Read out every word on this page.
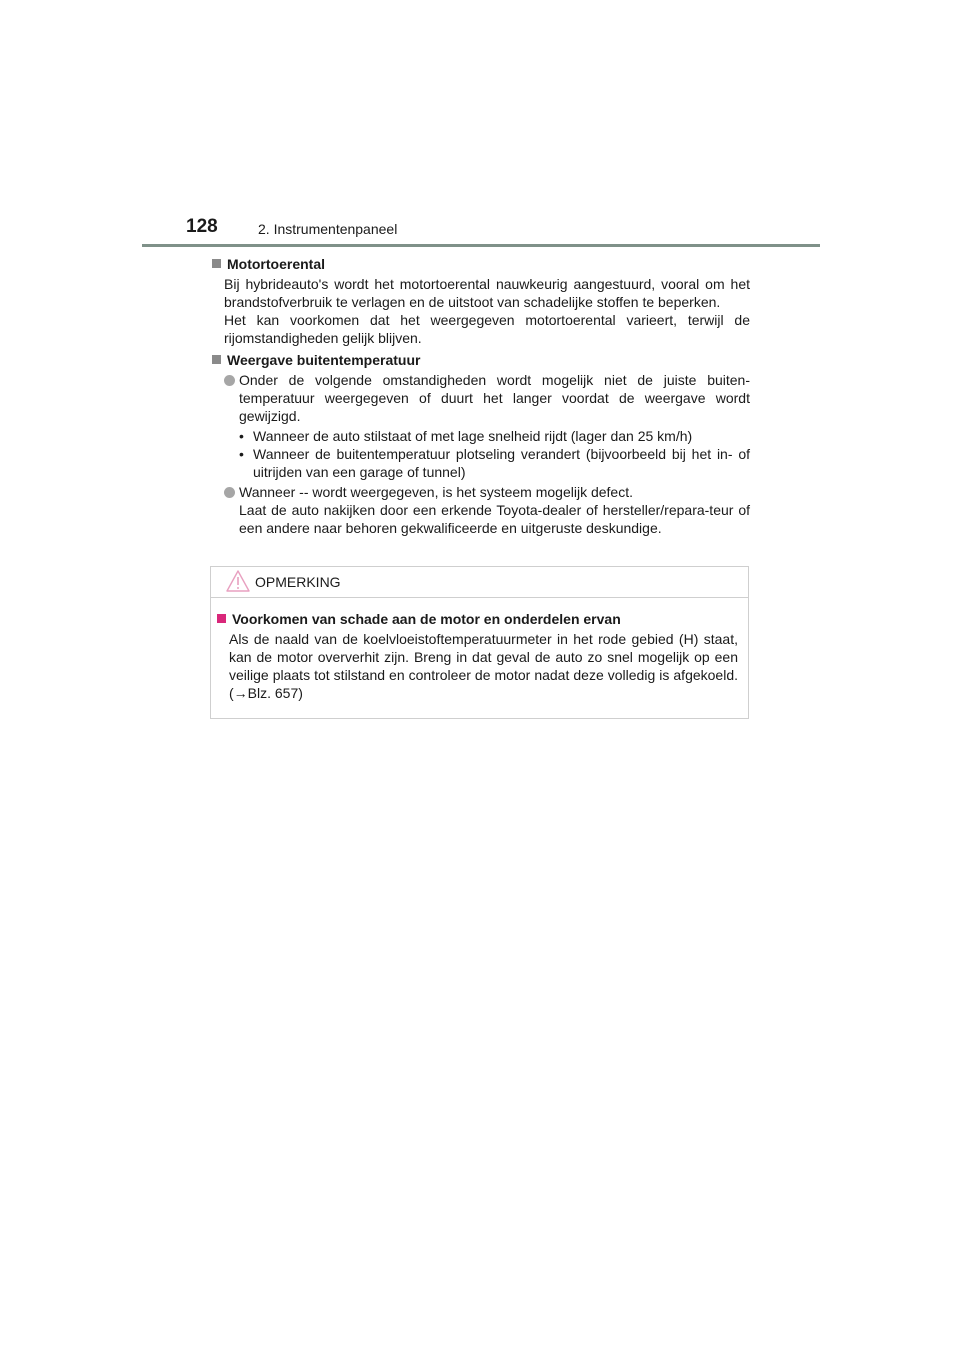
128	2. Instrumentenpaneel
Motortoerental
Bij hybrideauto's wordt het motortoerental nauwkeurig aangestuurd, vooral om het brandstofverbruik te verlagen en de uitstoot van schadelijke stoffen te beperken.
Het kan voorkomen dat het weergegeven motortoerental varieert, terwijl de rijomstandigheden gelijk blijven.
Weergave buitentemperatuur
Onder de volgende omstandigheden wordt mogelijk niet de juiste buiten-temperatuur weergegeven of duurt het langer voordat de weergave wordt gewijzigd.
• Wanneer de auto stilstaat of met lage snelheid rijdt (lager dan 25 km/h)
• Wanneer de buitentemperatuur plotseling verandert (bijvoorbeeld bij het in- of uitrijden van een garage of tunnel)
Wanneer -- wordt weergegeven, is het systeem mogelijk defect.
Laat de auto nakijken door een erkende Toyota-dealer of hersteller/repara-teur of een andere naar behoren gekwalificeerde en uitgeruste deskundige.
OPMERKING
Voorkomen van schade aan de motor en onderdelen ervan
Als de naald van de koelvloeistoftemperatuurmeter in het rode gebied (H) staat, kan de motor oververhit zijn. Breng in dat geval de auto zo snel mogelijk op een veilige plaats tot stilstand en controleer de motor nadat deze volledig is afgekoeld. (→Blz. 657)
